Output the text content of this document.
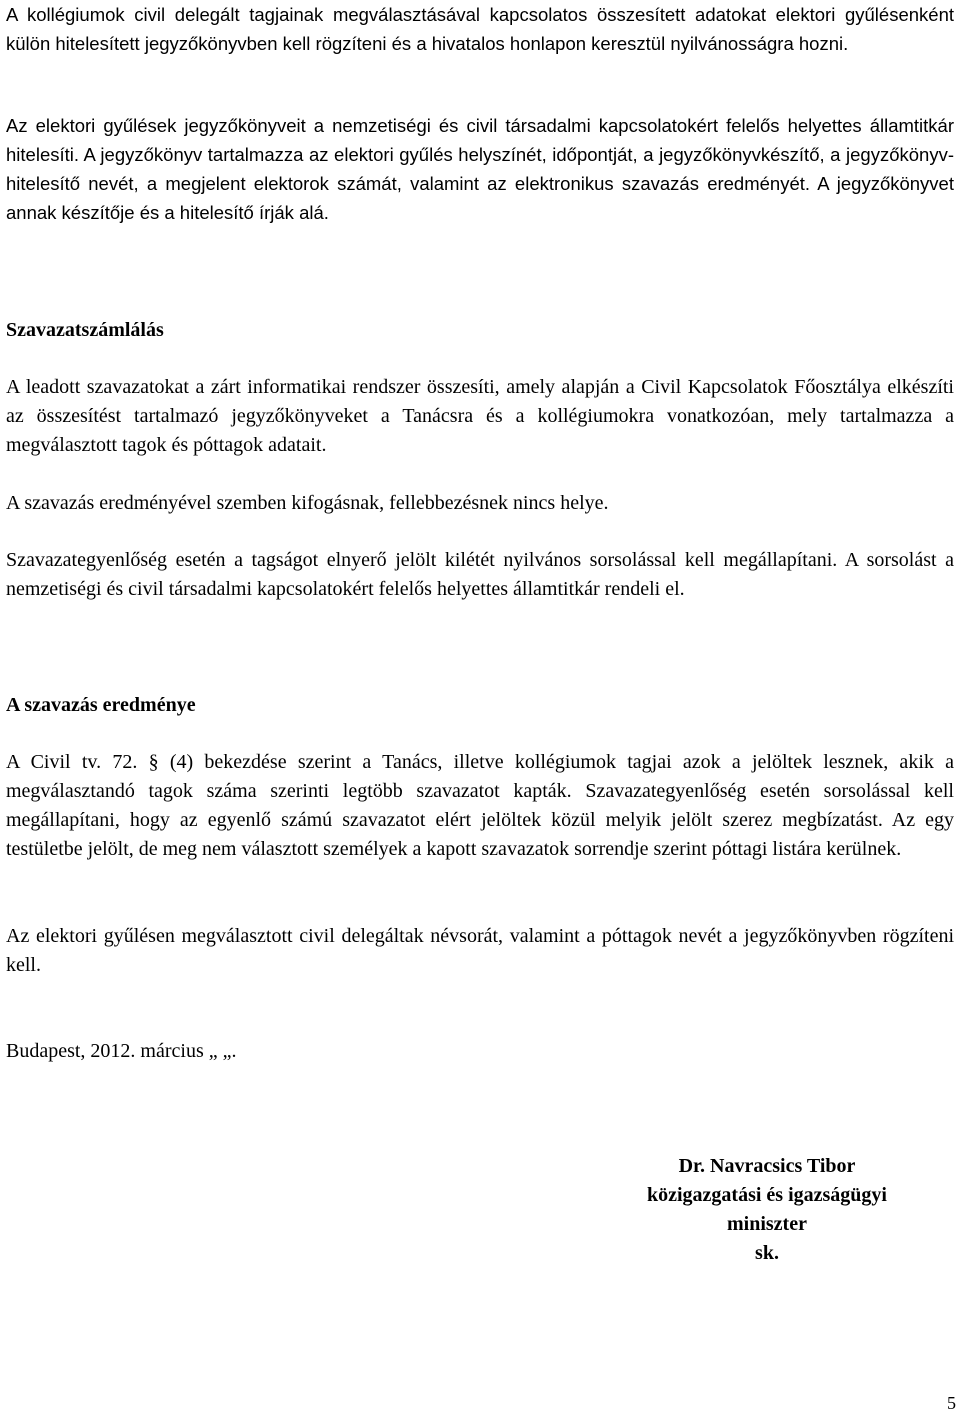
A kollégiumok civil delegált tagjainak megválasztásával kapcsolatos összesített adatokat elektori gyűlésenként külön hitelesített jegyzőkönyvben kell rögzíteni és a hivatalos honlapon keresztül nyilvánosságra hozni.

Az elektori gyűlések jegyzőkönyveit a nemzetiségi és civil társadalmi kapcsolatokért felelős helyettes államtitkár hitelesíti. A jegyzőkönyv tartalmazza az elektori gyűlés helyszínét, időpontját, a jegyzőkönyvkészítő, a jegyzőkönyv-hitelesítő nevét, a megjelent elektorok számát, valamint az elektronikus szavazás eredményét. A jegyzőkönyvet annak készítője és a hitelesítő írják alá.

Szavazatszámlálás

A leadott szavazatokat a zárt informatikai rendszer összesíti, amely alapján a Civil Kapcsolatok Főosztálya elkészíti az összesítést tartalmazó jegyzőkönyveket a Tanácsra és a kollégiumokra vonatkozóan, mely tartalmazza a megválasztott tagok és póttagok adatait.

A szavazás eredményével szemben kifogásnak, fellebbezésnek nincs helye.

Szavazategyenlőség esetén a tagságot elnyerő jelölt kilétét nyilvános sorsolással kell megállapítani. A sorsolást a nemzetiségi és civil társadalmi kapcsolatokért felelős helyettes államtitkár rendeli el.

A szavazás eredménye

A Civil tv. 72. § (4) bekezdése szerint a Tanács, illetve kollégiumok tagjai azok a jelöltek lesznek, akik a megválasztandó tagok száma szerinti legtöbb szavazatot kapták. Szavazategyenlőség esetén sorsolással kell megállapítani, hogy az egyenlő számú szavazatot elért jelöltek közül melyik jelölt szerez megbízatást. Az egy testületbe jelölt, de meg nem választott személyek a kapott szavazatok sorrendje szerint póttagi listára kerülnek.

Az elektori gyűlésen megválasztott civil delegáltak névsorát, valamint a póttagok nevét a jegyzőkönyvben rögzíteni kell.

Budapest, 2012. március „ „.

Dr. Navracsics Tibor
közigazgatási és igazságügyi
miniszter
sk.
5
